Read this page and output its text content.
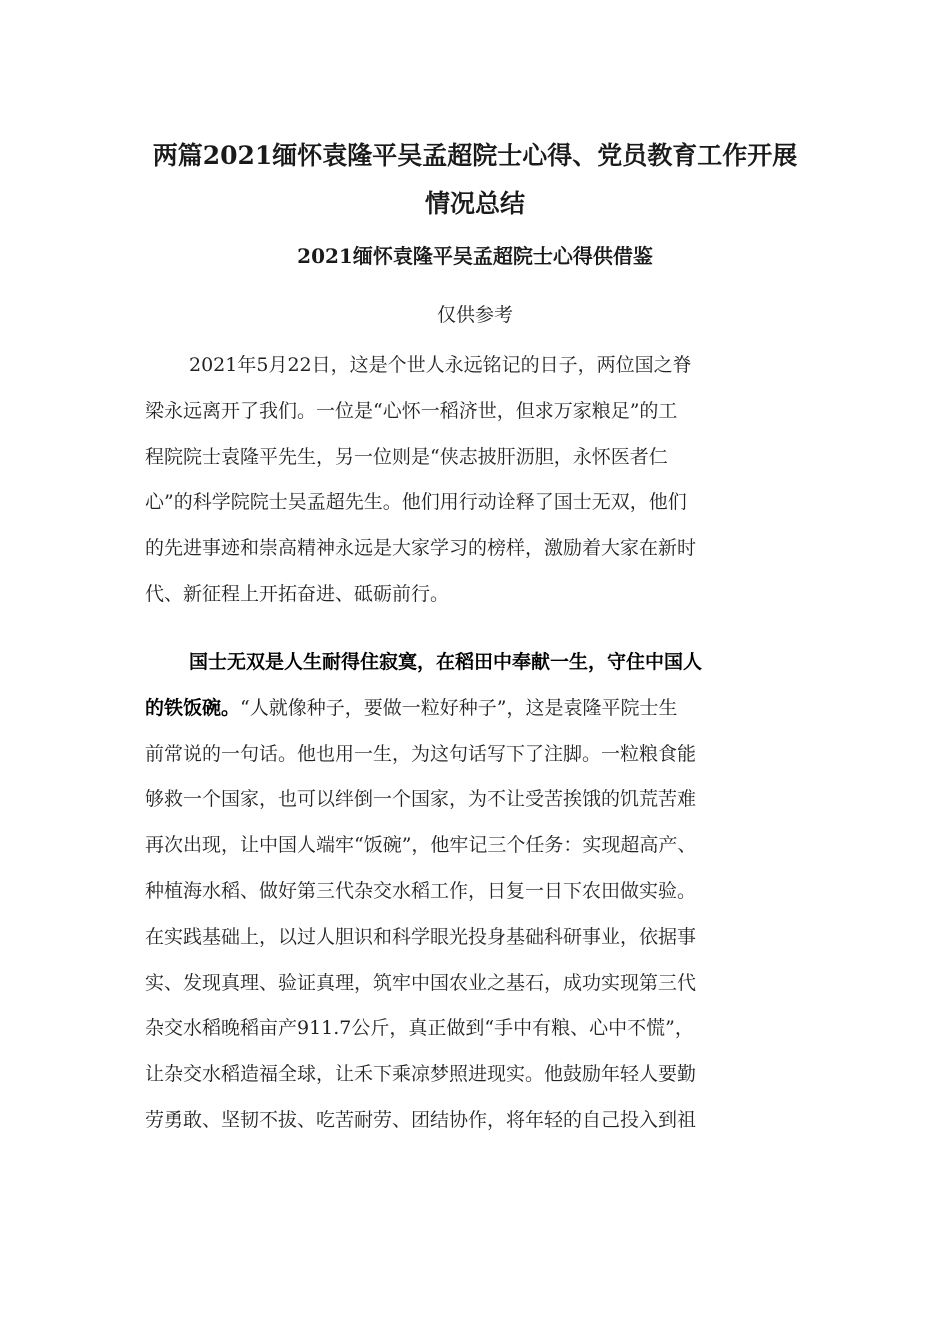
两篇2021缅怀袁隆平吴孟超院士心得、党员教育工作开展
情况总结
2021缅怀袁隆平吴孟超院士心得供借鉴

仅供参考

2021年5月22日，这是个世人永远铭记的日子，两位国之脊
梁永远离开了我们。一位是“心怀一稻济世，但求万家粮足”的工
程院院士袁隆平先生，另一位则是“侠志披肝沥胆，永怀医者仁
心”的科学院院士吴孟超先生。他们用行动诠释了国士无双，他们
的先进事迹和崇高精神永远是大家学习的榜样，激励着大家在新时
代、新征程上开拓奋进、砥砺前行。
国士无双是人生耐得住寂寞，在稻田中奉献一生，守住中国人
的铁饭碗。“人就像种子，要做一粒好种子”，这是袁隆平院士生
前常说的一句话。他也用一生，为这句话写下了注脚。一粒粮食能
够救一个国家，也可以绊倒一个国家，为不让受苦挨饿的饥荒苦难
再次出现，让中国人端牢“饭碗”，他牢记三个任务：实现超高产、
种植海水稻、做好第三代杂交水稻工作，日复一日下农田做实验。
在实践基础上，以过人胆识和科学眼光投身基础科研事业，依据事
实、发现真理、验证真理，筑牢中国农业之基石，成功实现第三代
杂交水稻晚稻亩产911.7公斤，真正做到“手中有粮、心中不慌”，
让杂交水稻造福全球，让禾下乘凉梦照进现实。他鼓励年轻人要勤
劳勇敢、坚韧不拔、吃苦耐劳、团结协作，将年轻的自己投入到祖
